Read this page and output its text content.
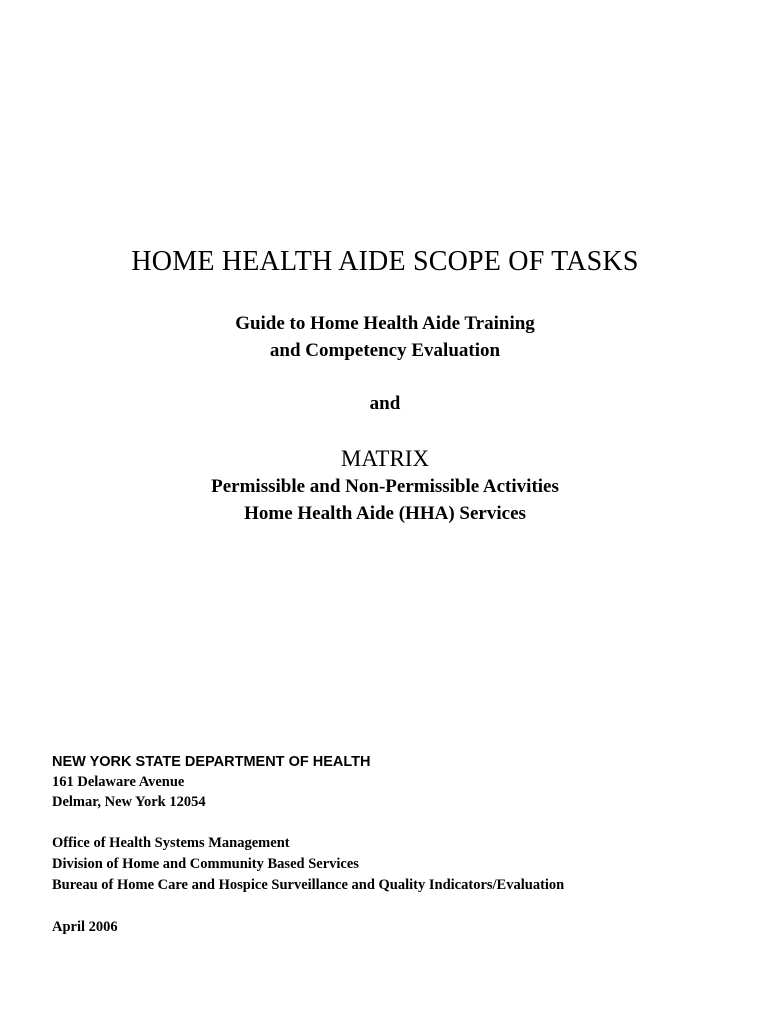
HOME HEALTH AIDE SCOPE OF TASKS
Guide to Home Health Aide Training
and Competency Evaluation
and
MATRIX
Permissible and Non-Permissible Activities
Home Health Aide (HHA) Services
NEW YORK STATE DEPARTMENT OF HEALTH
161 Delaware Avenue
Delmar, New York 12054
Office of Health Systems Management
Division of Home and Community Based Services
Bureau of Home Care and Hospice Surveillance and Quality Indicators/Evaluation
April 2006
